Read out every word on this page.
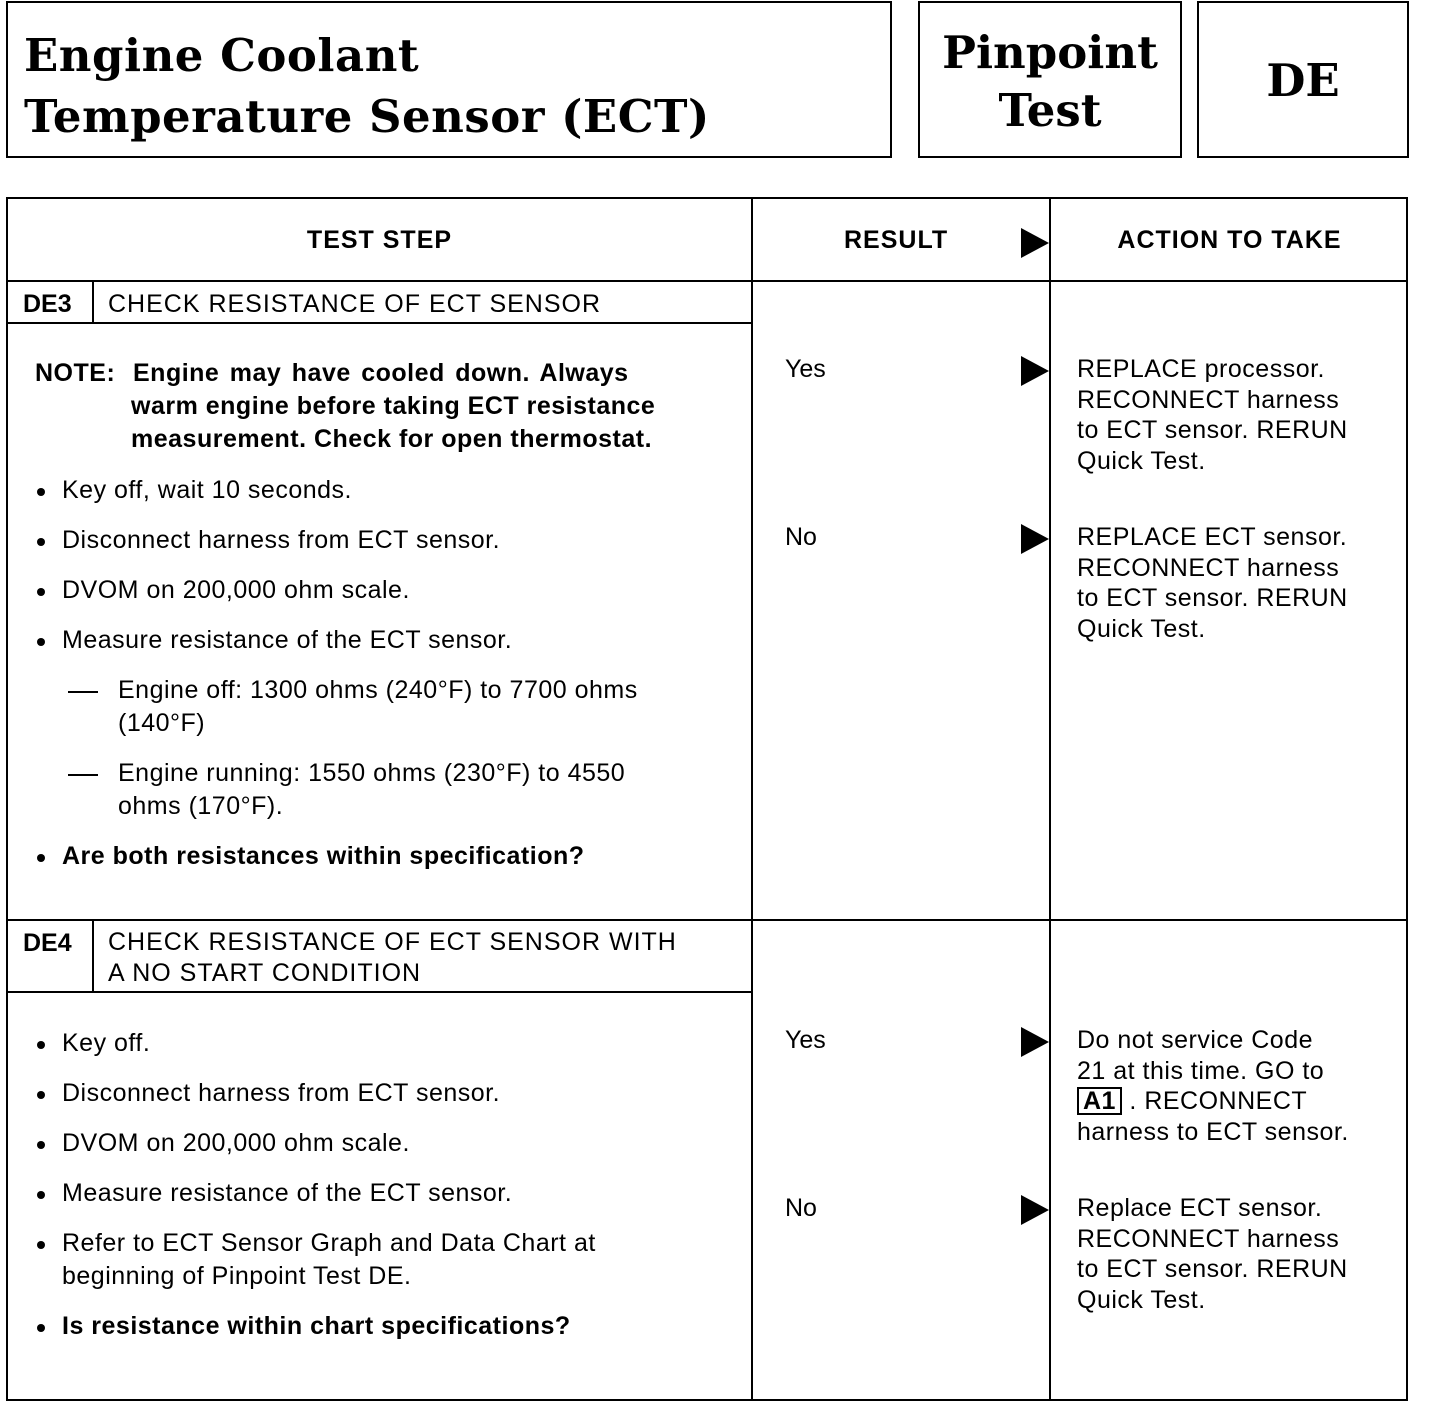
Engine Coolant
Temperature Sensor (ECT)
Pinpoint
Test
DE
TEST STEP	RESULT	ACTION TO TAKE
DE3 CHECK RESISTANCE OF ECT SENSOR
NOTE: Engine may have cooled down. Always
warm engine before taking ECT resistance
measurement. Check for open thermostat.
Key off, wait 10 seconds.
Disconnect harness from ECT sensor.
DVOM on 200,000 ohm scale.
Measure resistance of the ECT sensor.
Engine off: 1300 ohms (240°F) to 7700 ohms
(140°F)
Engine running: 1550 ohms (230°F) to 4550
ohms (170°F).
Are both resistances within specification?
Yes	REPLACE processor.
RECONNECT harness
to ECT sensor. RERUN
Quick Test.
No	REPLACE ECT sensor.
RECONNECT harness
to ECT sensor. RERUN
Quick Test.
DE4 CHECK RESISTANCE OF ECT SENSOR WITH
A NO START CONDITION
Key off.
Disconnect harness from ECT sensor.
DVOM on 200,000 ohm scale.
Measure resistance of the ECT sensor.
Refer to ECT Sensor Graph and Data Chart at
beginning of Pinpoint Test DE.
Is resistance within chart specifications?
Yes	Do not service Code
21 at this time. GO to
A1 . RECONNECT
harness to ECT sensor.
No	Replace ECT sensor.
RECONNECT harness
to ECT sensor. RERUN
Quick Test.
